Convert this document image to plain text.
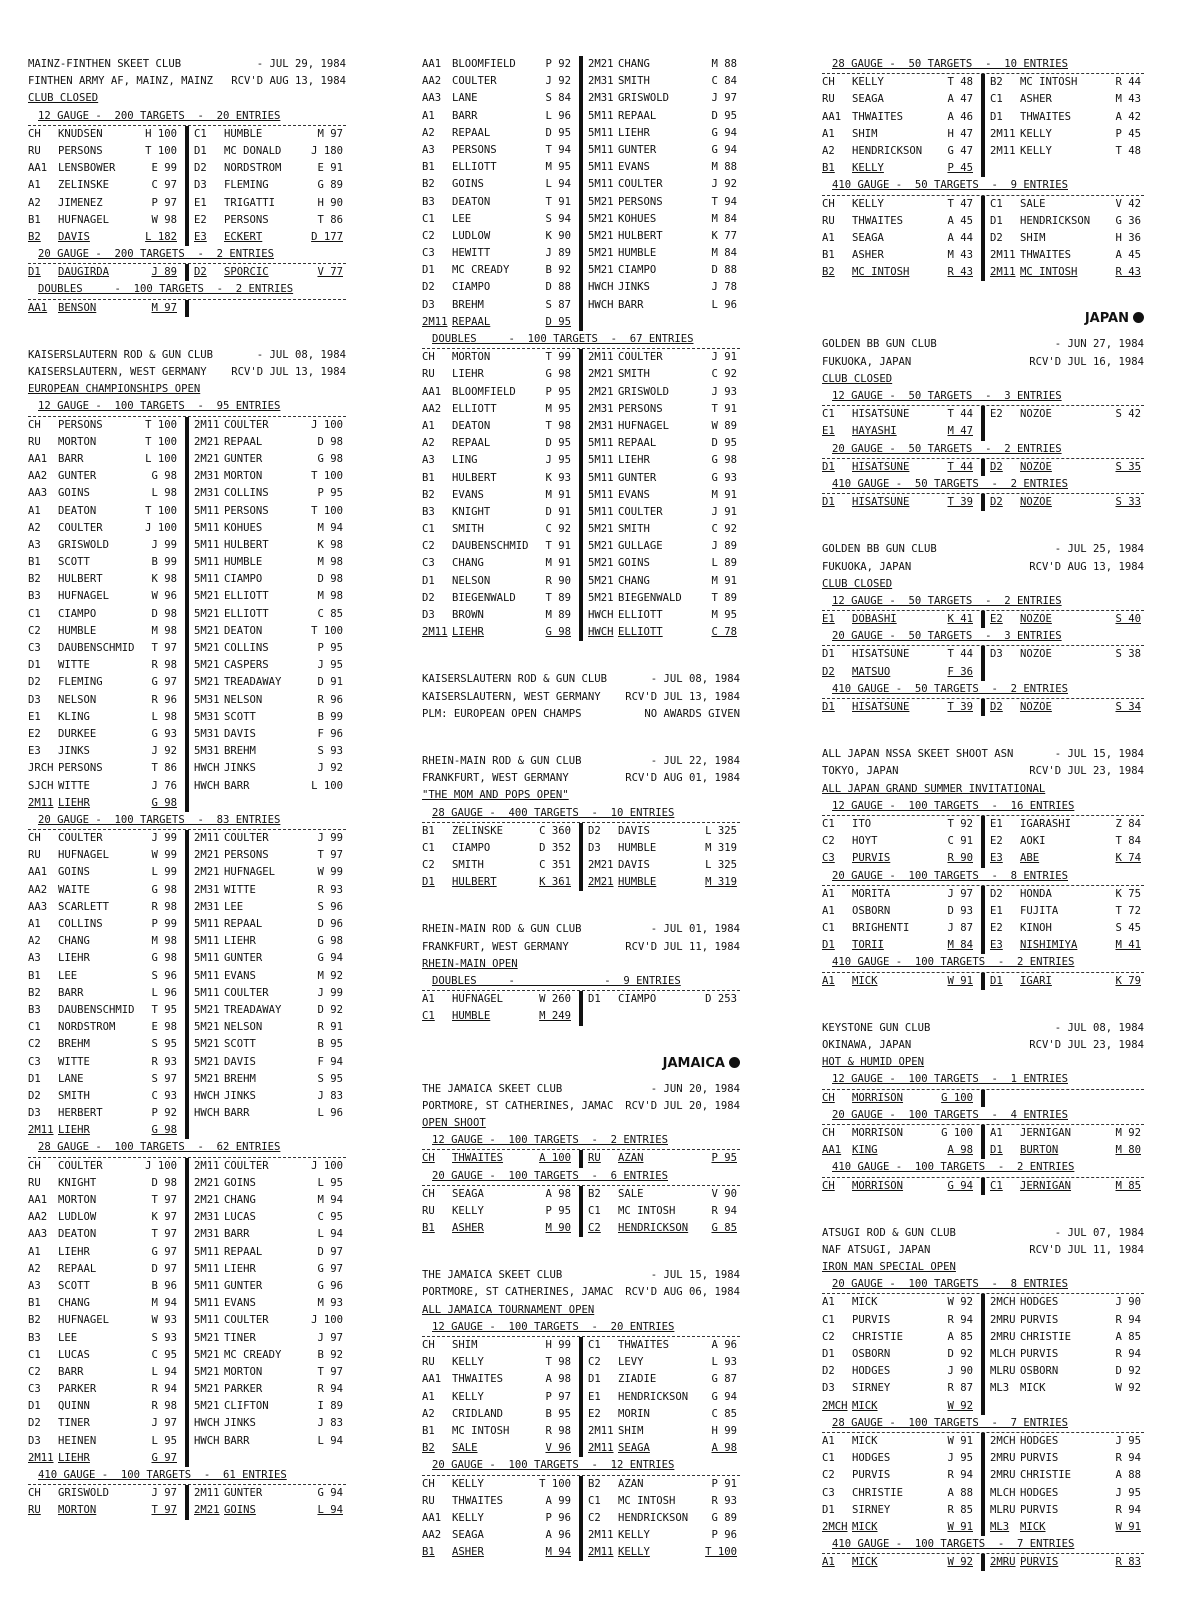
- JUL 29, 1984
MAINZ-FINTHEN SKEET CLUB
RCV'D AUG 13, 1984
FINTHEN ARMY AF, MAINZ, MAINZ
CLUB CLOSED
12 GAUGE -  200 TARGETS  -  20 ENTRIES
CH	KNUDSEN	H 100 C1	HUMBLE	M 97
RU	PERSONS	T 100 D1	MC DONALD	J 180
AA1	LENSBOWER	E 99 D2	NORDSTROM	E 91
A1	ZELINSKE	C 97 D3	FLEMING	G 89
A2	JIMENEZ	P 97 E1	TRIGATTI	H 90
B1	HUFNAGEL	W 98 E2	PERSONS	T 86
B2	DAVIS	L 182 E3	ECKERT	D 177
20 GAUGE -  200 TARGETS  -  2 ENTRIES
D1	DAUGIRDA	J 89 D2	SPORCIC	V 77
DOUBLES     -  100 TARGETS  -  2 ENTRIES
AA1	BENSON	M 97
- JUL 08, 1984
KAISERSLAUTERN ROD & GUN CLUB
RCV'D JUL 13, 1984
KAISERSLAUTERN, WEST GERMANY
EUROPEAN CHAMPIONSHIPS OPEN
12 GAUGE -  100 TARGETS  -  95 ENTRIES
CH	PERSONS	T 100 2M11 COULTER	J 100
RU	MORTON	T 100 2M21 REPAAL	D 98
AA1	BARR	L 100 2M21 GUNTER	G 98
AA2	GUNTER	G 98 2M31 MORTON	T 100
AA3	GOINS	L 98 2M31 COLLINS	P 95
A1	DEATON	T 100 5M11 PERSONS	T 100
A2	COULTER	J 100 5M11 KOHUES	M 94
A3	GRISWOLD	J 99 5M11 HULBERT	K 98
B1	SCOTT	B 99 5M11 HUMBLE	M 98
B2	HULBERT	K 98 5M11 CIAMPO	D 98
B3	HUFNAGEL	W 96 5M21 ELLIOTT	M 98
C1	CIAMPO	D 98 5M21 ELLIOTT	C 85
C2	HUMBLE	M 98 5M21 DEATON	T 100
C3	DAUBENSCHMID	T 97 5M21 COLLINS	P 95
D1	WITTE	R 98 5M21 CASPERS	J 95
D2	FLEMING	G 97 5M21 TREADAWAY	D 91
D3	NELSON	R 96 5M31 NELSON	R 96
E1	KLING	L 98 5M31 SCOTT	B 99
E2	DURKEE	G 93 5M31 DAVIS	F 96
E3	JINKS	J 92 5M31 BREHM	S 93
JRCH PERSONS	T 86 HWCH JINKS	J 92
SJCH WITTE	J 76 HWCH BARR	L 100
2M11 LIEHR	G 98
20 GAUGE -  100 TARGETS  -  83 ENTRIES
CH	COULTER	J 99 2M11 COULTER	J 99
RU	HUFNAGEL	W 99 2M21 PERSONS	T 97
AA1	GOINS	L 99 2M21 HUFNAGEL	W 99
AA2	WAITE	G 98 2M31 WITTE	R 93
AA3	SCARLETT	R 98 2M31 LEE	S 96
A1	COLLINS	P 99 5M11 REPAAL	D 96
A2	CHANG	M 98 5M11 LIEHR	G 98
A3	LIEHR	G 98 5M11 GUNTER	G 94
B1	LEE	S 96 5M11 EVANS	M 92
B2	BARR	L 96 5M11 COULTER	J 99
B3	DAUBENSCHMID	T 95 5M21 TREADAWAY	D 92
C1	NORDSTROM	E 98 5M21 NELSON	R 91
C2	BREHM	S 95 5M21 SCOTT	B 95
C3	WITTE	R 93 5M21 DAVIS	F 94
D1	LANE	S 97 5M21 BREHM	S 95
D2	SMITH	C 93 HWCH JINKS	J 83
D3	HERBERT	P 92 HWCH BARR	L 96
2M11 LIEHR	G 98
28 GAUGE -  100 TARGETS  -  62 ENTRIES
CH	COULTER	J 100 2M11 COULTER	J 100
RU	KNIGHT	D 98 2M21 GOINS	L 95
AA1	MORTON	T 97 2M21 CHANG	M 94
AA2	LUDLOW	K 97 2M31 LUCAS	C 95
AA3	DEATON	T 97 2M31 BARR	L 94
A1	LIEHR	G 97 5M11 REPAAL	D 97
A2	REPAAL	D 97 5M11 LIEHR	G 97
A3	SCOTT	B 96 5M11 GUNTER	G 96
B1	CHANG	M 94 5M11 EVANS	M 93
B2	HUFNAGEL	W 93 5M11 COULTER	J 100
B3	LEE	S 93 5M21 TINER	J 97
C1	LUCAS	C 95 5M21 MC CREADY	B 92
C2	BARR	L 94 5M21 MORTON	T 97
C3	PARKER	R 94 5M21 PARKER	R 94
D1	QUINN	R 98 5M21 CLIFTON	I 89
D2	TINER	J 97 HWCH JINKS	J 83
D3	HEINEN	L 95 HWCH BARR	L 94
2M11 LIEHR	G 97
410 GAUGE -  100 TARGETS  -  61 ENTRIES
CH	GRISWOLD	J 97 2M11 GUNTER	G 94
RU	MORTON	T 97 2M21 GOINS	L 94
AA1	BLOOMFIELD	P 92 2M21 CHANG	M 88
AA2	COULTER	J 92 2M31 SMITH	C 84
AA3	LANE	S 84 2M31 GRISWOLD	J 97
A1	BARR	L 96 5M11 REPAAL	D 95
A2	REPAAL	D 95 5M11 LIEHR	G 94
A3	PERSONS	T 94 5M11 GUNTER	G 94
B1	ELLIOTT	M 95 5M11 EVANS	M 88
B2	GOINS	L 94 5M11 COULTER	J 92
B3	DEATON	T 91 5M21 PERSONS	T 94
C1	LEE	S 94 5M21 KOHUES	M 84
C2	LUDLOW	K 90 5M21 HULBERT	K 77
C3	HEWITT	J 89 5M21 HUMBLE	M 84
D1	MC CREADY	B 92 5M21 CIAMPO	D 88
D2	CIAMPO	D 88 HWCH JINKS	J 78
D3	BREHM	S 87 HWCH BARR	L 96
2M11 REPAAL	D 95
DOUBLES     -  100 TARGETS  -  67 ENTRIES
CH	MORTON	T 99 2M11 COULTER	J 91
RU	LIEHR	G 98 2M21 SMITH	C 92
AA1	BLOOMFIELD	P 95 2M21 GRISWOLD	J 93
AA2	ELLIOTT	M 95 2M31 PERSONS	T 91
A1	DEATON	T 98 2M31 HUFNAGEL	W 89
A2	REPAAL	D 95 5M11 REPAAL	D 95
A3	LING	J 95 5M11 LIEHR	G 98
B1	HULBERT	K 93 5M11 GUNTER	G 93
B2	EVANS	M 91 5M11 EVANS	M 91
B3	KNIGHT	D 91 5M11 COULTER	J 91
C1	SMITH	C 92 5M21 SMITH	C 92
C2	DAUBENSCHMID	T 91 5M21 GULLAGE	J 89
C3	CHANG	M 91 5M21 GOINS	L 89
D1	NELSON	R 90 5M21 CHANG	M 91
D2	BIEGENWALD	T 89 5M21 BIEGENWALD	T 89
D3	BROWN	M 89 HWCH ELLIOTT	M 95
2M11 LIEHR	G 98 HWCH ELLIOTT	C 78
- JUL 08, 1984
KAISERSLAUTERN ROD & GUN CLUB
RCV'D JUL 13, 1984
KAISERSLAUTERN, WEST GERMANY
NO AWARDS GIVEN
PLM: EUROPEAN OPEN CHAMPS
- JUL 22, 1984
RHEIN-MAIN ROD & GUN CLUB
RCV'D AUG 01, 1984
FRANKFURT, WEST GERMANY
"THE MOM AND POPS OPEN"
28 GAUGE -  400 TARGETS  -  10 ENTRIES
B1	ZELINSKE	C 360 D2	DAVIS	L 325
C1	CIAMPO	D 352 D3	HUMBLE	M 319
C2	SMITH	C 351 2M21 DAVIS	L 325
D1	HULBERT	K 361 2M21 HUMBLE	M 319
- JUL 01, 1984
RHEIN-MAIN ROD & GUN CLUB
RCV'D JUL 11, 1984
FRANKFURT, WEST GERMANY
RHEIN-MAIN OPEN
DOUBLES     -              -  9 ENTRIES
A1	HUFNAGEL	W 260 D1	CIAMPO	D 253
C1	HUMBLE	M 249
JAMAICA
- JUN 20, 1984
THE JAMAICA SKEET CLUB
RCV'D JUL 20, 1984
PORTMORE, ST CATHERINES, JAMAC
OPEN SHOOT
12 GAUGE -  100 TARGETS  -  2 ENTRIES
CH	THWAITES	A 100 RU	AZAN	P 95
20 GAUGE -  100 TARGETS  -  6 ENTRIES
CH	SEAGA	A 98 B2	SALE	V 90
RU	KELLY	P 95 C1	MC INTOSH	R 94
B1	ASHER	M 90 C2	HENDRICKSON	G 85
- JUL 15, 1984
THE JAMAICA SKEET CLUB
RCV'D AUG 06, 1984
PORTMORE, ST CATHERINES, JAMAC
ALL JAMAICA TOURNAMENT OPEN
12 GAUGE -  100 TARGETS  -  20 ENTRIES
CH	SHIM	H 99 C1	THWAITES	A 96
RU	KELLY	T 98 C2	LEVY	L 93
AA1	THWAITES	A 98 D1	ZIADIE	G 87
A1	KELLY	P 97 E1	HENDRICKSON	G 94
A2	CRIDLAND	B 95 E2	MORIN	C 85
B1	MC INTOSH	R 98 2M11 SHIM	H 99
B2	SALE	V 96 2M11 SEAGA	A 98
20 GAUGE -  100 TARGETS  -  12 ENTRIES
CH	KELLY	T 100 B2	AZAN	P 91
RU	THWAITES	A 99 C1	MC INTOSH	R 93
AA1	KELLY	P 96 C2	HENDRICKSON	G 89
AA2	SEAGA	A 96 2M11 KELLY	P 96
B1	ASHER	M 94 2M11 KELLY	T 100
28 GAUGE -  50 TARGETS  -  10 ENTRIES
CH	KELLY	T 48 B2	MC INTOSH	R 44
RU	SEAGA	A 47 C1	ASHER	M 43
AA1	THWAITES	A 46 D1	THWAITES	A 42
A1	SHIM	H 47 2M11 KELLY	P 45
A2	HENDRICKSON	G 47 2M11 KELLY	T 48
B1	KELLY	P 45
410 GAUGE -  50 TARGETS  -  9 ENTRIES
CH	KELLY	T 47 C1	SALE	V 42
RU	THWAITES	A 45 D1	HENDRICKSON	G 36
A1	SEAGA	A 44 D2	SHIM	H 36
B1	ASHER	M 43 2M11 THWAITES	A 45
B2	MC INTOSH	R 43 2M11 MC INTOSH	R 43
JAPAN
- JUN 27, 1984
GOLDEN BB GUN CLUB
RCV'D JUL 16, 1984
FUKUOKA, JAPAN
CLUB CLOSED
12 GAUGE -  50 TARGETS  -  3 ENTRIES
C1	HISATSUNE	T 44 E2	NOZOE	S 42
E1	HAYASHI	M 47
20 GAUGE -  50 TARGETS  -  2 ENTRIES
D1	HISATSUNE	T 44 D2	NOZOE	S 35
410 GAUGE -  50 TARGETS  -  2 ENTRIES
D1	HISATSUNE	T 39 D2	NOZOE	S 33
- JUL 25, 1984
GOLDEN BB GUN CLUB
RCV'D AUG 13, 1984
FUKUOKA, JAPAN
CLUB CLOSED
12 GAUGE -  50 TARGETS  -  2 ENTRIES
E1	DOBASHI	K 41 E2	NOZOE	S 40
20 GAUGE -  50 TARGETS  -  3 ENTRIES
D1	HISATSUNE	T 44 D3	NOZOE	S 38
D2	MATSUO	F 36
410 GAUGE -  50 TARGETS  -  2 ENTRIES
D1	HISATSUNE	T 39 D2	NOZOE	S 34
- JUL 15, 1984
ALL JAPAN NSSA SKEET SHOOT ASN
RCV'D JUL 23, 1984
TOKYO, JAPAN
ALL JAPAN GRAND SUMMER INVITATIONAL
12 GAUGE -  100 TARGETS  -  16 ENTRIES
C1	ITO	T 92 E1	IGARASHI	Z 84
C2	HOYT	C 91 E2	AOKI	T 84
C3	PURVIS	R 90 E3	ABE	K 74
20 GAUGE -  100 TARGETS  -  8 ENTRIES
A1	MORITA	J 97 D2	HONDA	K 75
A1	OSBORN	D 93 E1	FUJITA	T 72
C1	BRIGHENTI	J 87 E2	KINOH	S 45
D1	TORII	M 84 E3	NISHIMIYA	M 41
410 GAUGE -  100 TARGETS  -  2 ENTRIES
A1	MICK	W 91 D1	IGARI	K 79
- JUL 08, 1984
KEYSTONE GUN CLUB
RCV'D JUL 23, 1984
OKINAWA, JAPAN
HOT & HUMID OPEN
12 GAUGE -  100 TARGETS  -  1 ENTRIES
CH	MORRISON	G 100
20 GAUGE -  100 TARGETS  -  4 ENTRIES
CH	MORRISON	G 100 A1	JERNIGAN	M 92
AA1	KING	A 98 D1	BURTON	M 80
410 GAUGE -  100 TARGETS  -  2 ENTRIES
CH	MORRISON	G 94 C1	JERNIGAN	M 85
- JUL 07, 1984
ATSUGI ROD & GUN CLUB
RCV'D JUL 11, 1984
NAF ATSUGI, JAPAN
IRON MAN SPECIAL OPEN
20 GAUGE -  100 TARGETS  -  8 ENTRIES
A1	MICK	W 92 2MCH HODGES	J 90
C1	PURVIS	R 94 2MRU PURVIS	R 94
C2	CHRISTIE	A 85 2MRU CHRISTIE	A 85
D1	OSBORN	D 92 MLCH PURVIS	R 94
D2	HODGES	J 90 MLRU OSBORN	D 92
D3	SIRNEY	R 87 ML3	MICK	W 92
2MCH MICK	W 92
28 GAUGE -  100 TARGETS  -  7 ENTRIES
A1	MICK	W 91 2MCH HODGES	J 95
C1	HODGES	J 95 2MRU PURVIS	R 94
C2	PURVIS	R 94 2MRU CHRISTIE	A 88
C3	CHRISTIE	A 88 MLCH HODGES	J 95
D1	SIRNEY	R 85 MLRU PURVIS	R 94
2MCH MICK	W 91 ML3	MICK	W 91
410 GAUGE -  100 TARGETS  -  7 ENTRIES
A1	MICK	W 92 2MRU PURVIS	R 83
